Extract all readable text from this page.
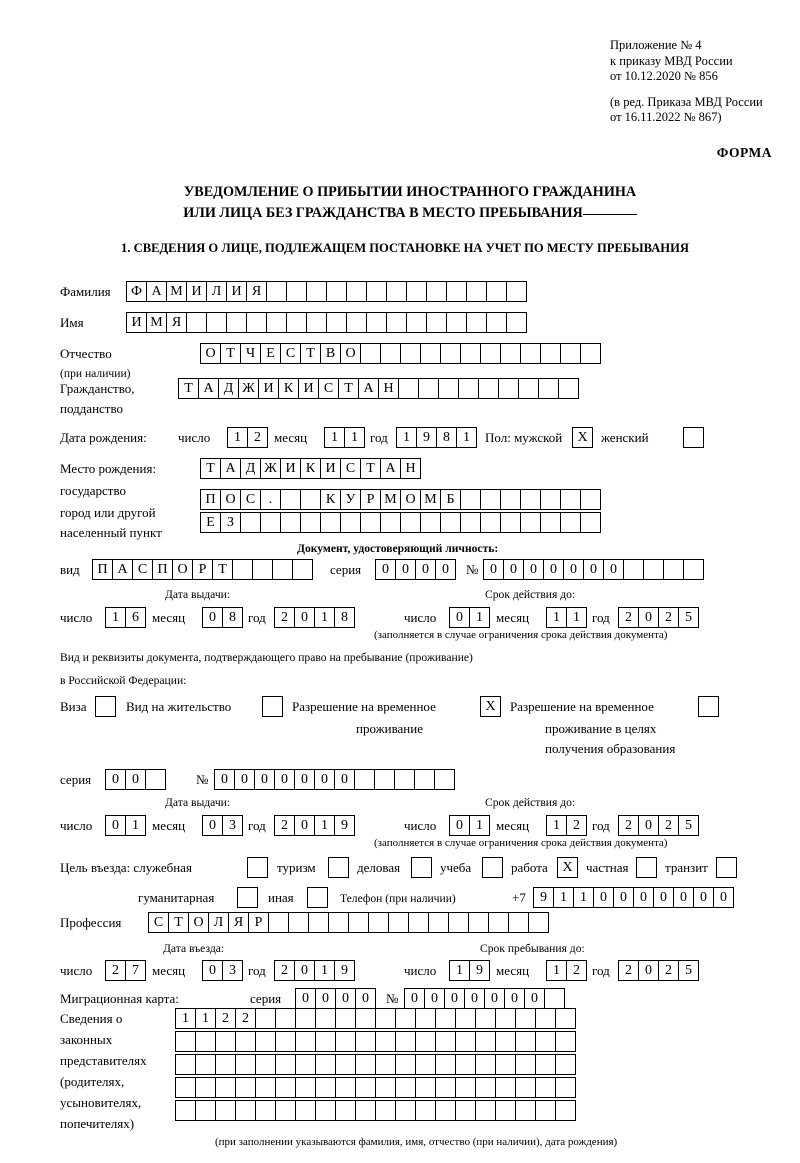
Приложение № 4
к приказу МВД России
от 10.12.2020 № 856
(в ред. Приказа МВД России
от 16.11.2022 № 867)
ФОРМА
УВЕДОМЛЕНИЕ О ПРИБЫТИИ ИНОСТРАННОГО ГРАЖДАНИНА
ИЛИ ЛИЦА БЕЗ ГРАЖДАНСТВА В МЕСТО ПРЕБЫВАНИЯ
1. СВЕДЕНИЯ О ЛИЦЕ, ПОДЛЕЖАЩЕМ ПОСТАНОВКЕ НА УЧЕТ ПО МЕСТУ ПРЕБЫВАНИЯ
Фамилия	Ф А М И Л И Я
Имя	И М Я
Отчество
(при наличии)
О Т Ч Е С Т В О
Гражданство,
подданство
Т А Д Ж И К И С Т А Н
Дата рождения: число	1 2	месяц	1 1 год	1 9 8 1	Пол: мужской	Х	женский
Место рождения:
государство
город или другой
населенный пункт
Т А Д Ж И К И С Т А Н
П О С .	К У Р М О М Б
Е З
Документ, удостоверяющий личность:
вид	П А С П О Р Т	серия	0 0 0 0	№ 0 0 0 0 0 0 0
Дата выдачи:	Срок действия до:
число	1 6	месяц	0 8 год	2 0 1 8	число	0 1	месяц	1 1 год	2 0 2 5
(заполняется в случае ограничения срока действия документа)
Вид и реквизиты документа, подтверждающего право на пребывание (проживание)
в Российской Федерации:
Виза	Вид на жительство	Разрешение на временное
проживание
Х	Разрешение на временное
проживание в целях
получения образования
серия	0 0	№ 0 0 0 0 0 0 0
Дата выдачи:	Срок действия до:
число	0 1	месяц	0 3 год	2 0 1 9	число	0 1	месяц	1 2 год	2 0 2 5
(заполняется в случае ограничения срока действия документа)
Цель въезда: служебная	туризм	деловая	учеба	работа	Х	частная	транзит
гуманитарная	иная	Телефон (при наличии)	+7	9 1 1 0 0 0 0 0 0 0
Профессия	С Т О Л Я Р
Дата въезда:	Срок пребывания до:
число	2 7	месяц	0 3 год	2 0 1 9	число	1 9	месяц	1 2 год	2 0 2 5
Миграционная карта:	серия	0 0 0 0	№ 0 0 0 0 0 0 0
Сведения о
законных
представителях
(родителях,
усыновителях,
попечителях)
1 1 2 2
(при заполнении указываются фамилия, имя, отчество (при наличии), дата рождения)
